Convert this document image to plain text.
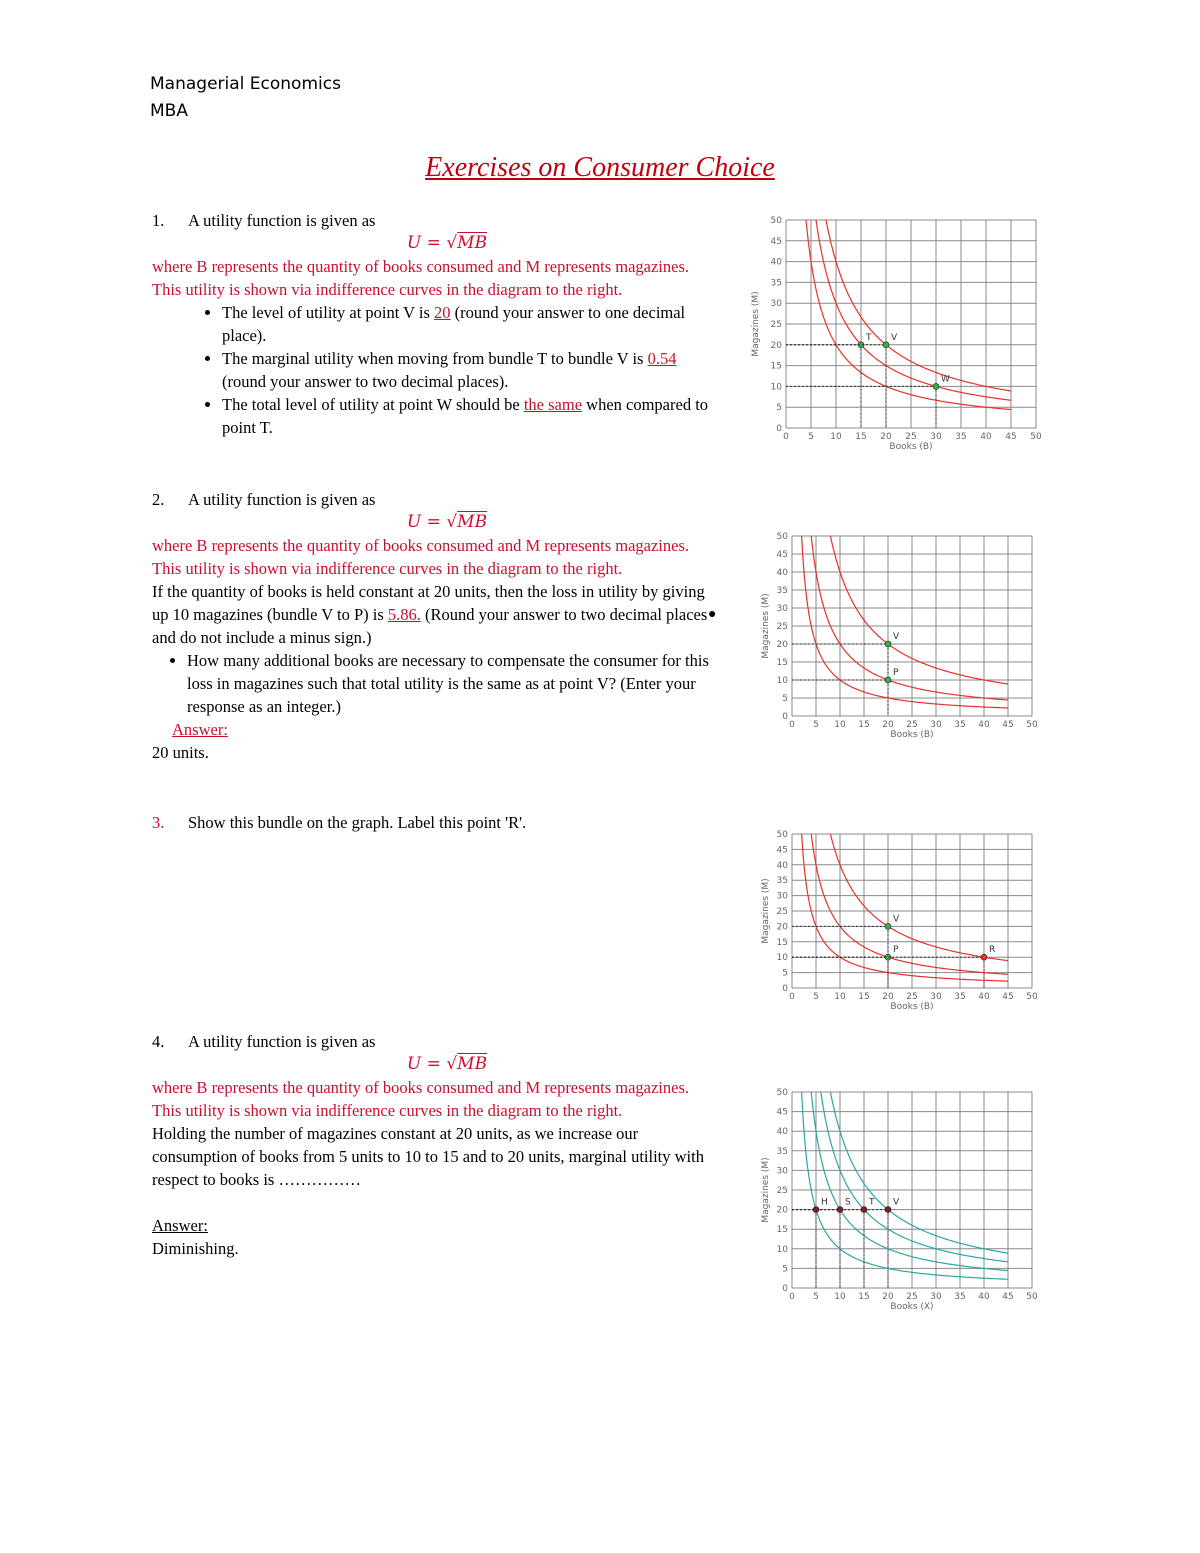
Managerial Economics
MBA
Exercises on Consumer Choice
1. A utility function is given as
U = √MB
where B represents the quantity of books consumed and M represents magazines. This utility is shown via indifference curves in the diagram to the right.
• The level of utility at point V is 20 (round your answer to one decimal place).
• The marginal utility when moving from bundle T to bundle V is 0.54 (round your answer to two decimal places).
• The total level of utility at point W should be the same when compared to point T.
2. A utility function is given as
U = √MB
where B represents the quantity of books consumed and M represents magazines. This utility is shown via indifference curves in the diagram to the right.
If the quantity of books is held constant at 20 units, then the loss in utility by giving up 10 magazines (bundle V to P) is 5.86. (Round your answer to two decimal places and do not include a minus sign.)
• How many additional books are necessary to compensate the consumer for this loss in magazines such that total utility is the same as at point V? (Enter your response as an integer.)
Answer:
20 units.
●
3. Show this bundle on the graph. Label this point 'R'.
4. A utility function is given as
U = √MB
where B represents the quantity of books consumed and M represents magazines. This utility is shown via indifference curves in the diagram to the right.
Holding the number of magazines constant at 20 units, as we increase our consumption of books from 5 units to 10 to 15 and to 20 units, marginal utility with respect to books is ……………
Answer:
Diminishing.
0 5 10 15 20 25 30 35 40 45 50
0
5
10
15
20
25
30
35
40
45
50
Books (B)
Magazines (M)	T V
W
0 5 10 15 20 25 30 35 40 45 50
0
5
10
15
20
25
30
35
40
45
50
Books (B)
Magazines (M)	V
P
0 5 10 15 20 25 30 35 40 45 50
0
5
10
15
20
25
30
35
40
45
50
Books (B)
Magazines (M)	V
P	R
0 5 10 15 20 25 30 35 40 45 50
0
5
10
15
20
25
30
35
40
45
50
Books (X)
Magazines (M)	H S T V
